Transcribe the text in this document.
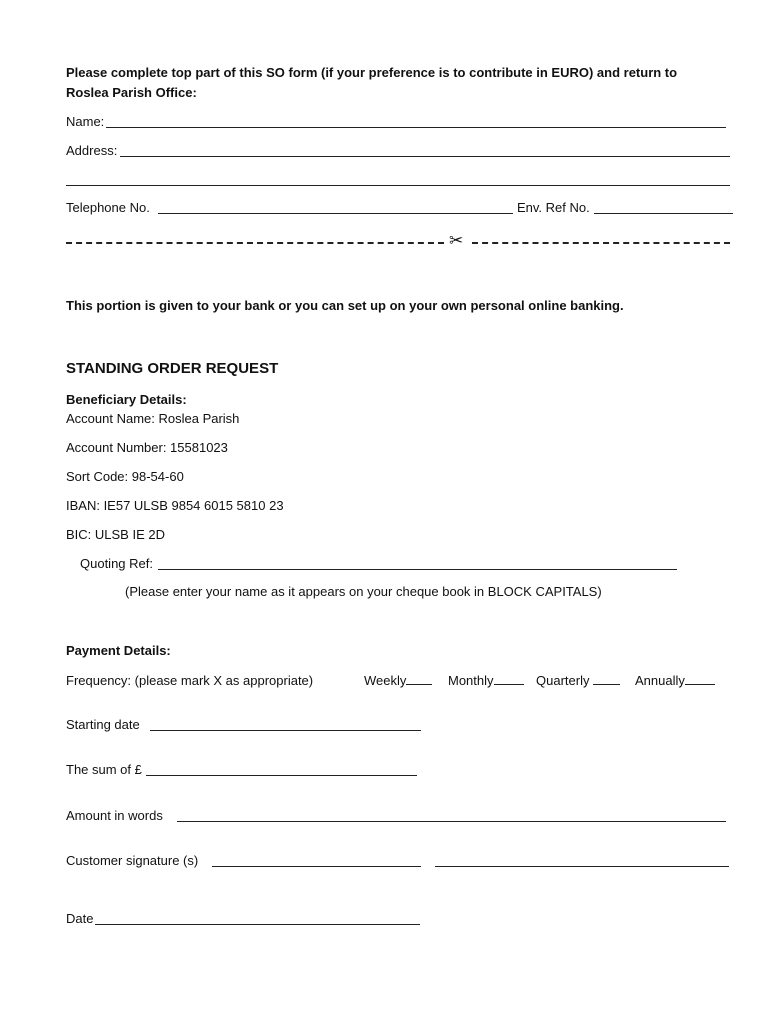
Please complete top part of this SO form (if your preference is to contribute in EURO) and return to
Roslea Parish Office:
Name:
Address:
Telephone No.	Env. Ref No.
✂
This portion is given to your bank or you can set up on your own personal online banking.
STANDING ORDER REQUEST
Beneficiary Details:
Account Name: Roslea Parish
Account Number: 15581023
Sort Code: 98-54-60
IBAN: IE57 ULSB 9854 6015 5810 23
BIC: ULSB IE 2D
Quoting Ref:
(Please enter your name as it appears on your cheque book in BLOCK CAPITALS)
Payment Details:
Frequency: (please mark X as appropriate)	Weekly	Monthly	Quarterly	Annually
Starting date
The sum of £
Amount in words
Customer signature (s)
Date
